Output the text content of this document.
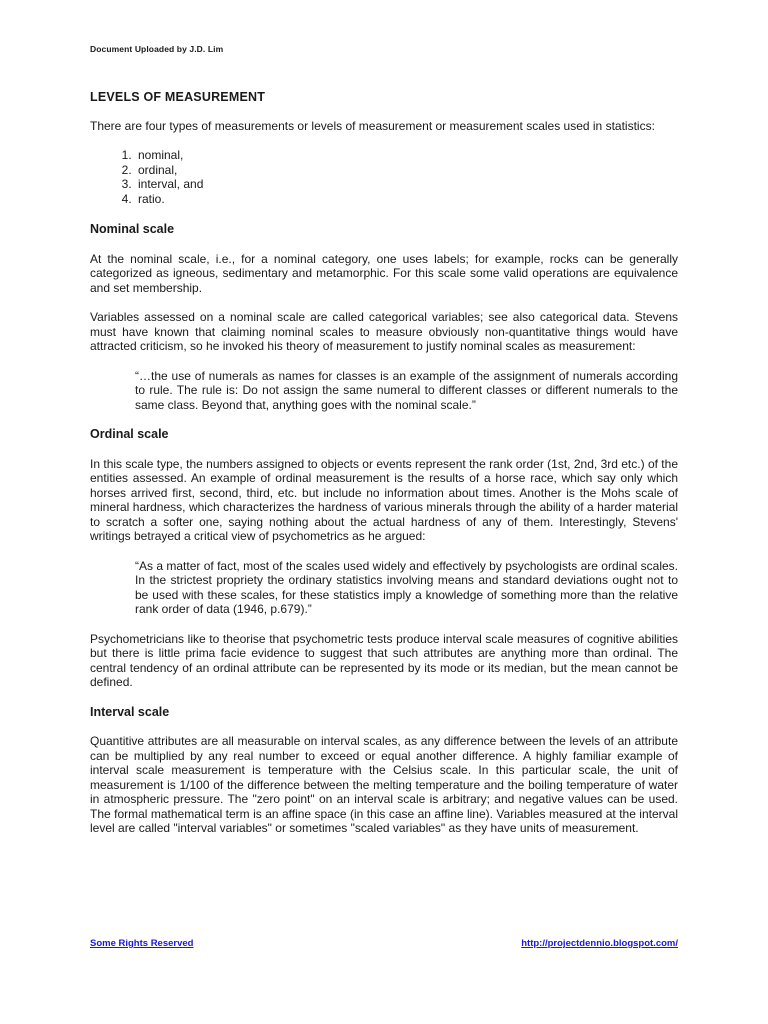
Document Uploaded by J.D. Lim
LEVELS OF MEASUREMENT

There are four types of measurements or levels of measurement or measurement scales used in statistics:

1. nominal,
2. ordinal,
3. interval, and
4. ratio.
Nominal scale

At the nominal scale, i.e., for a nominal category, one uses labels; for example, rocks can be generally categorized as igneous, sedimentary and metamorphic. For this scale some valid operations are equivalence and set membership.

Variables assessed on a nominal scale are called categorical variables; see also categorical data. Stevens must have known that claiming nominal scales to measure obviously non-quantitative things would have attracted criticism, so he invoked his theory of measurement to justify nominal scales as measurement:

“…the use of numerals as names for classes is an example of the assignment of numerals according to rule. The rule is: Do not assign the same numeral to different classes or different numerals to the same class. Beyond that, anything goes with the nominal scale.”
Ordinal scale

In this scale type, the numbers assigned to objects or events represent the rank order (1st, 2nd, 3rd etc.) of the entities assessed. An example of ordinal measurement is the results of a horse race, which say only which horses arrived first, second, third, etc. but include no information about times. Another is the Mohs scale of mineral hardness, which characterizes the hardness of various minerals through the ability of a harder material to scratch a softer one, saying nothing about the actual hardness of any of them. Interestingly, Stevens' writings betrayed a critical view of psychometrics as he argued:

“As a matter of fact, most of the scales used widely and effectively by psychologists are ordinal scales. In the strictest propriety the ordinary statistics involving means and standard deviations ought not to be used with these scales, for these statistics imply a knowledge of something more than the relative rank order of data (1946, p.679).”

Psychometricians like to theorise that psychometric tests produce interval scale measures of cognitive abilities but there is little prima facie evidence to suggest that such attributes are anything more than ordinal. The central tendency of an ordinal attribute can be represented by its mode or its median, but the mean cannot be defined.

Interval scale

Quantitive attributes are all measurable on interval scales, as any difference between the levels of an attribute can be multiplied by any real number to exceed or equal another difference. A highly familiar example of interval scale measurement is temperature with the Celsius scale. In this particular scale, the unit of measurement is 1/100 of the difference between the melting temperature and the boiling temperature of water in atmospheric pressure. The "zero point" on an interval scale is arbitrary; and negative values can be used. The formal mathematical term is an affine space (in this case an affine line). Variables measured at the interval level are called "interval variables" or sometimes "scaled variables" as they have units of measurement.

Some Rights Reserved	http://projectdennio.blogspot.com/
